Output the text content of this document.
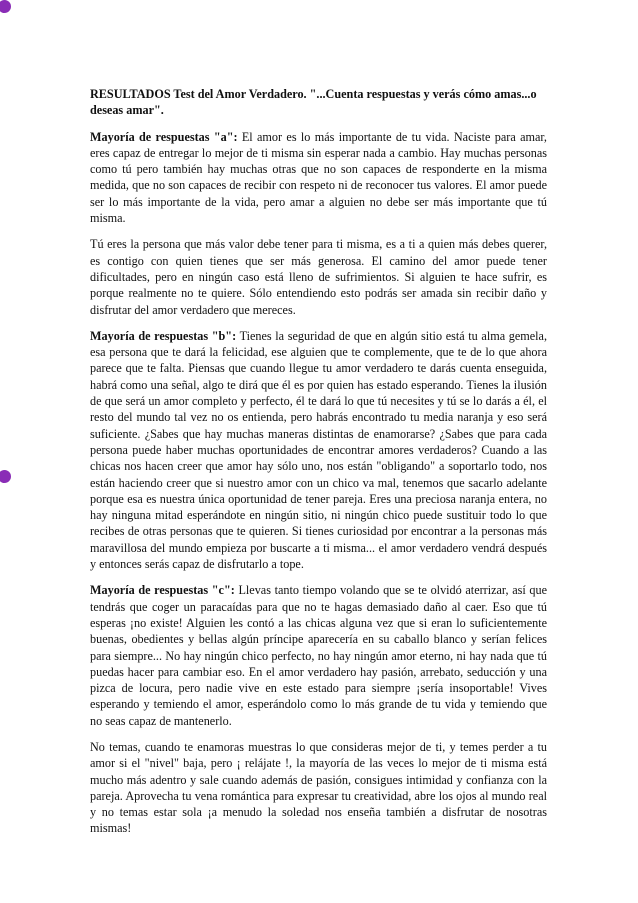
RESULTADOS Test del Amor Verdadero. "...Cuenta respuestas y verás cómo amas...o deseas amar".

Mayoría de respuestas "a": El amor es lo más importante de tu vida. Naciste para amar, eres capaz de entregar lo mejor de ti misma sin esperar nada a cambio. Hay muchas personas como tú pero también hay muchas otras que no son capaces de responderte en la misma medida, que no son capaces de recibir con respeto ni de reconocer tus valores. El amor puede ser lo más importante de la vida, pero amar a alguien no debe ser más importante que tú misma.

Tú eres la persona que más valor debe tener para ti misma, es a ti a quien más debes querer, es contigo con quien tienes que ser más generosa. El camino del amor puede tener dificultades, pero en ningún caso está lleno de sufrimientos. Si alguien te hace sufrir, es porque realmente no te quiere. Sólo entendiendo esto podrás ser amada sin recibir daño y disfrutar del amor verdadero que mereces.

Mayoría de respuestas "b": Tienes la seguridad de que en algún sitio está tu alma gemela, esa persona que te dará la felicidad, ese alguien que te complemente, que te de lo que ahora parece que te falta. Piensas que cuando llegue tu amor verdadero te darás cuenta enseguida, habrá como una señal, algo te dirá que él es por quien has estado esperando. Tienes la ilusión de que será un amor completo y perfecto, él te dará lo que tú necesites y tú se lo darás a él, el resto del mundo tal vez no os entienda, pero habrás encontrado tu media naranja y eso será suficiente. ¿Sabes que hay muchas maneras distintas de enamorarse? ¿Sabes que para cada persona puede haber muchas oportunidades de encontrar amores verdaderos? Cuando a las chicas nos hacen creer que amor hay sólo uno, nos están "obligando" a soportarlo todo, nos están haciendo creer que si nuestro amor con un chico va mal, tenemos que sacarlo adelante porque esa es nuestra única oportunidad de tener pareja. Eres una preciosa naranja entera, no hay ninguna mitad esperándote en ningún sitio, ni ningún chico puede sustituir todo lo que recibes de otras personas que te quieren. Si tienes curiosidad por encontrar a la personas más maravillosa del mundo empieza por buscarte a ti misma... el amor verdadero vendrá después y entonces serás capaz de disfrutarlo a tope.

Mayoría de respuestas "c": Llevas tanto tiempo volando que se te olvidó aterrizar, así que tendrás que coger un paracaídas para que no te hagas demasiado daño al caer. Eso que tú esperas ¡no existe! Alguien les contó a las chicas alguna vez que si eran lo suficientemente buenas, obedientes y bellas algún príncipe aparecería en su caballo blanco y serían felices para siempre... No hay ningún chico perfecto, no hay ningún amor eterno, ni hay nada que tú puedas hacer para cambiar eso. En el amor verdadero hay pasión, arrebato, seducción y una pizca de locura, pero nadie vive en este estado para siempre ¡sería insoportable! Vives esperando y temiendo el amor, esperándolo como lo más grande de tu vida y temiendo que no seas capaz de mantenerlo.

No temas, cuando te enamoras muestras lo que consideras mejor de ti, y temes perder a tu amor si el "nivel" baja, pero ¡ relájate !, la mayoría de las veces lo mejor de ti misma está mucho más adentro y sale cuando además de pasión, consigues intimidad y confianza con la pareja. Aprovecha tu vena romántica para expresar tu creatividad, abre los ojos al mundo real y no temas estar sola ¡a menudo la soledad nos enseña también a disfrutar de nosotras mismas!
